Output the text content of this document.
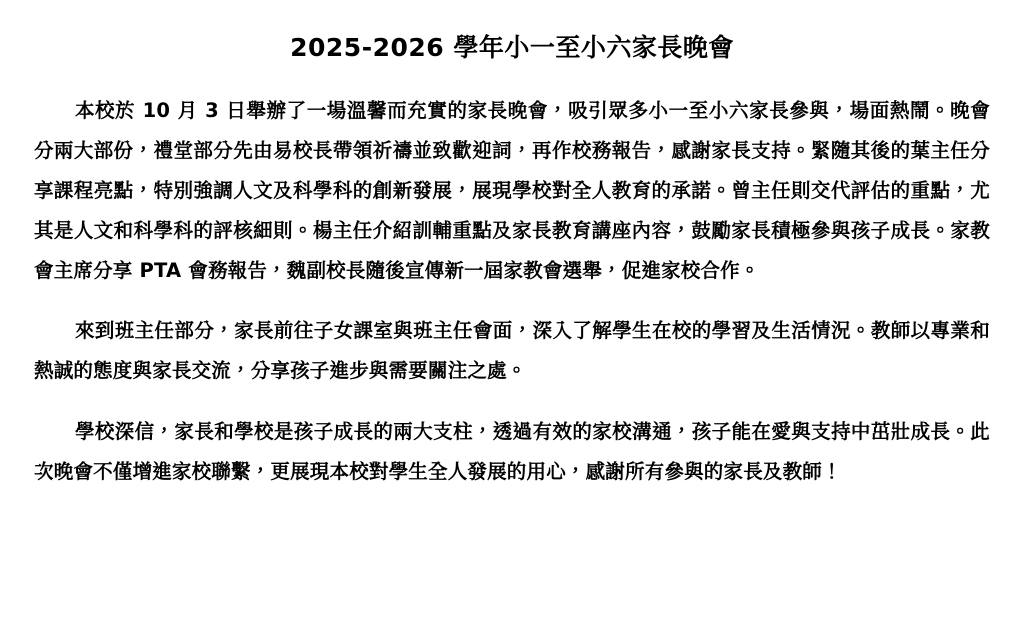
2025-2026 學年小一至小六家長晚會

本校於 10 月 3 日舉辦了一場溫馨而充實的家長晚會，吸引眾多小一至小六家長參與，場面熱鬧。晚會分兩大部份，禮堂部分先由易校長帶領祈禱並致歡迎詞，再作校務報告，感謝家長支持。緊隨其後的葉主任分享課程亮點，特別強調人文及科學科的創新發展，展現學校對全人教育的承諾。曾主任則交代評估的重點，尤其是人文和科學科的評核細則。楊主任介紹訓輔重點及家長教育講座內容，鼓勵家長積極參與孩子成長。家教會主席分享 PTA 會務報告，魏副校長隨後宣傳新一屆家教會選舉，促進家校合作。

來到班主任部分，家長前往子女課室與班主任會面，深入了解學生在校的學習及生活情況。教師以專業和熱誠的態度與家長交流，分享孩子進步與需要關注之處。

學校深信，家長和學校是孩子成長的兩大支柱，透過有效的家校溝通，孩子能在愛與支持中茁壯成長。此次晚會不僅增進家校聯繫，更展現本校對學生全人發展的用心，感謝所有參與的家長及教師！
